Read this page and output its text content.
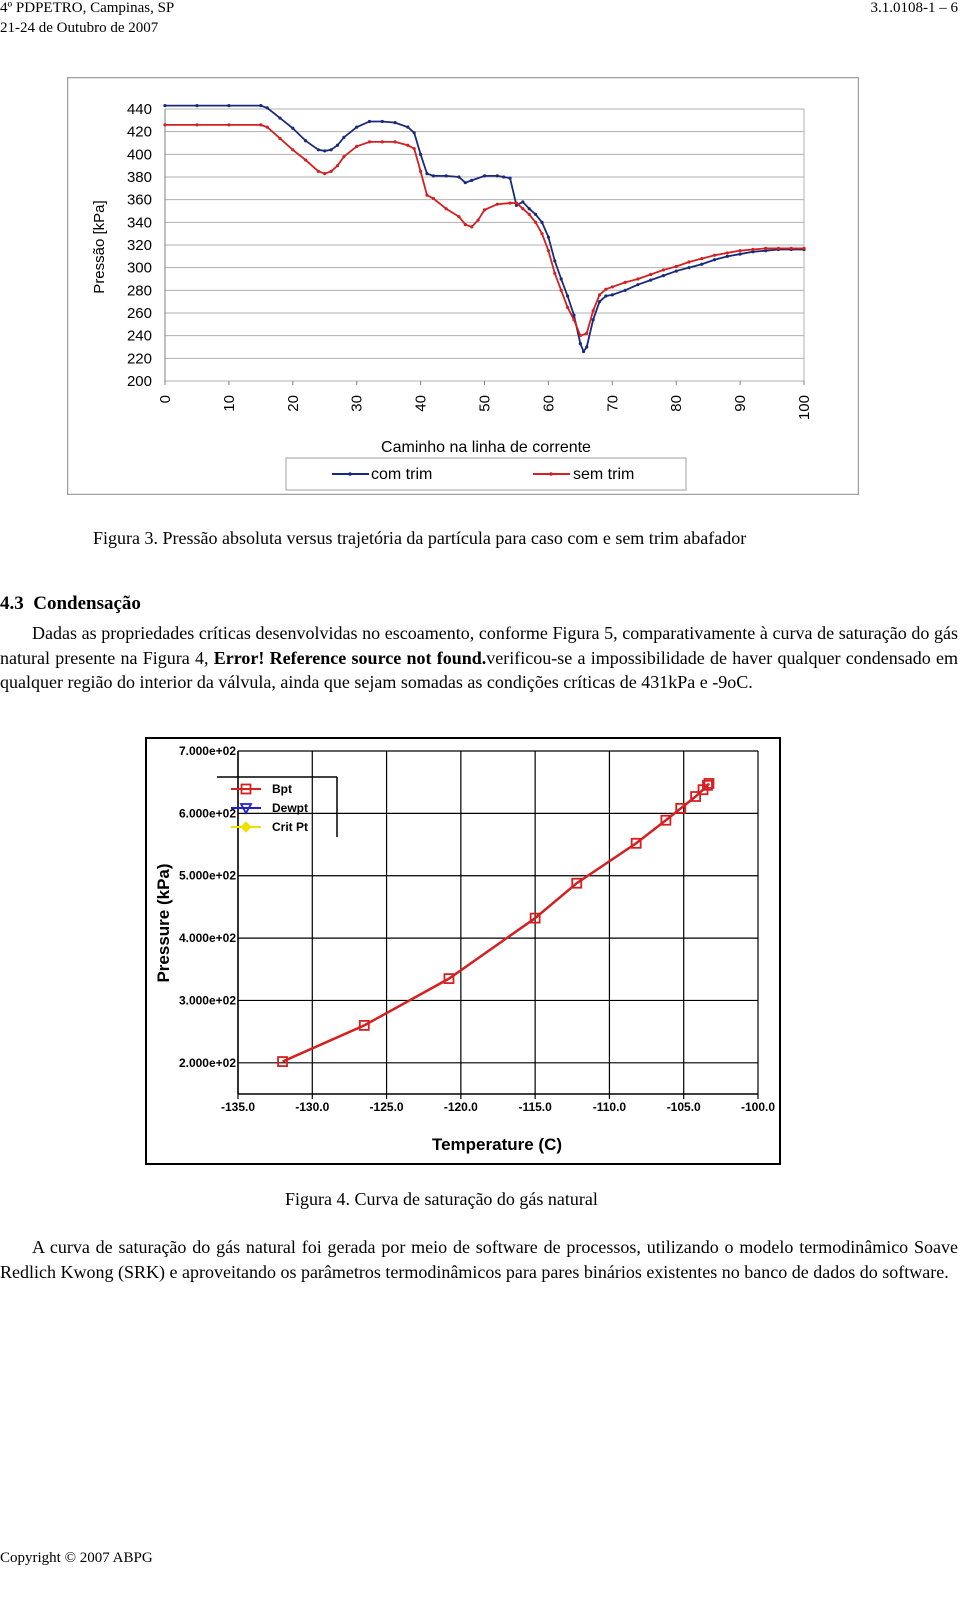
4º PDPETRO, Campinas, SP
21-24 de Outubro de 2007
3.1.0108-1 – 6
440
420
400
380
360
340
320
300
280
260
240
220
200
0	10	20	30	40	50	60	70	80	90	100
Pressão [kPa]
Caminho na linha de corrente
com trim	sem trim
Figura 3. Pressão absoluta versus trajetória da partícula para caso com e sem trim abafador
4.3 Condensação
Dadas as propriedades críticas desenvolvidas no escoamento, conforme Figura 5, comparativamente à curva de saturação do gás natural presente na Figura 4, Error! Reference source not found.verificou-se a impossibilidade de haver qualquer condensado em qualquer região do interior da válvula, ainda que sejam somadas as condições críticas de 431kPa e -9oC.
7.000e+02
6.000e+02
5.000e+02
4.000e+02
3.000e+02
2.000e+02
-135.0	-130.0	-125.0	-120.0	-115.0	-110.0	-105.0	-100.0
Bpt
Dewpt
Crit Pt
Pressure (kPa)
Temperature (C)
Figura 4. Curva de saturação do gás natural
A curva de saturação do gás natural foi gerada por meio de software de processos, utilizando o modelo termodinâmico Soave Redlich Kwong (SRK) e aproveitando os parâmetros termodinâmicos para pares binários existentes no banco de dados do software.
Copyright © 2007 ABPG
